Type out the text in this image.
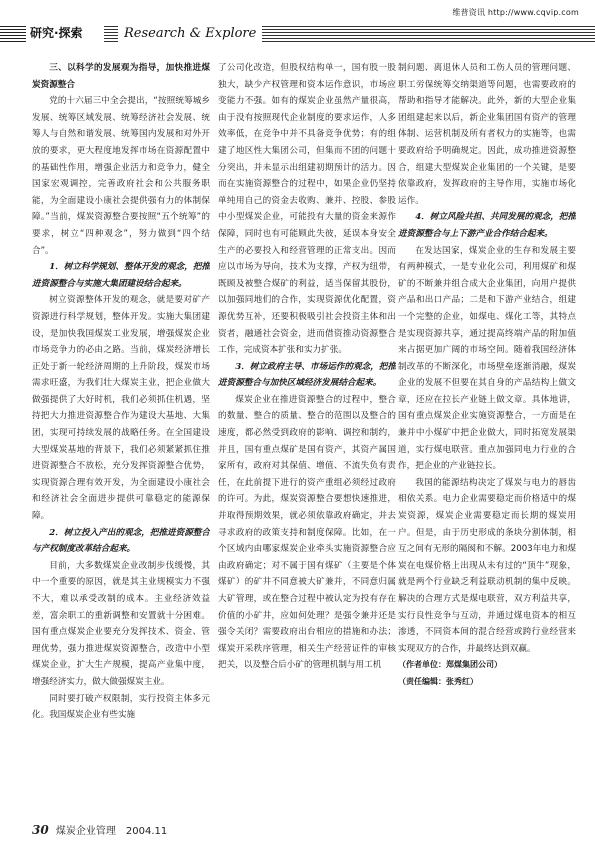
维普资讯 http://www.cqvip.com
研究·探索	Research & Explore

三、以科学的发展观为指导，加快推进煤炭资源整合

党的十六届三中全会提出，“按照统筹城乡发展、统筹区域发展、统筹经济社会发展、统筹人与自然和谐发展、统筹国内发展和对外开放的要求，更大程度地发挥市场在资源配置中的基础性作用，增强企业活力和竞争力，健全国家宏观调控，完善政府社会和公共服务职能，为全面建设小康社会提供强有力的体制保障。”当前，煤炭资源整合要按照“五个统筹”的要求，树立“四种观念”，努力做到“四个结合”。

1．树立科学规划、整体开发的观念，把推进资源整合与实施大集团建设结合起来。

树立资源整体开发的观念，就是要对矿产资源进行科学规划，整体开发。实施大集团建设，是加快我国煤炭工业发展，增强煤炭企业市场竞争力的必由之路。当前，煤炭经济增长正处于新一轮经济周期的上升阶段，煤炭市场需求旺盛，为我们壮大煤炭主业，把企业做大做强提供了大好时机，我们必须抓住机遇，坚持把大力推进资源整合作为建设大基地、大集团，实现可持续发展的战略任务。在全国建设大型煤炭基地的背景下，我们必须紧紧抓住推进资源整合不放松，充分发挥资源整合优势，实现资源合理有效开发，为全面建设小康社会和经济社会全面进步提供可靠稳定的能源保障。

2．树立投入产出的观念，把推进资源整合与产权制度改革结合起来。

目前，大多数煤炭企业改制步伐缓慢，其中一个重要的原因，就是其主业规模实力不强不大，难以承受改制的成本。主业经济效益差，富余职工的重新调整和安置就十分困难。国有重点煤炭企业要充分发挥技术、资金、管理优势，强力推进煤炭资源整合，改造中小型煤炭企业，扩大生产规模，提高产业集中度，增强经济实力，做大做强煤炭主业。

同时要打破产权限制，实行投资主体多元化。我国煤炭企业有些实施

了公司化改造，但股权结构单一，国有股一股独大，缺少产权管理和资本运作意识，市场应变能力不强。如有的煤炭企业虽然产量很高，由于没有按照现代企业制度的要求运作，人多效率低，在竞争中并不具备竞争优势；有的组建了地区性大集团公司，但集而不团的问题十分突出，并未显示出组建初期预计的活力。因而在实施资源整合的过程中，如果企业仍坚持单纯用自己的资金去收购、兼并、控股、参股中小型煤炭企业，可能投有大量的资金来源作保障，同时也有可能顾此失彼，延误本身安全生产的必要投入和经营管理的正常支出。因而应以市场为导向，技术为支撑，产权为纽带，既顾及被整合煤矿的利益，适当保留其股份，以加强同地们的合作，实现资源优化配置，资源优势互补，还要积极吸引社会投资主体和出资者，融通社会资金，进而借资推动资源整合工作，完成资本扩张和实力扩张。

3．树立政府主导、市场运作的观念，把推进资源整合与加快区域经济发展结合起来。

煤炭企业在推进资源整合的过程中，整合的数量、整合的质量、整合的范围以及整合的速度，都必然受到政府的影响、调控和制约，并且，国有重点煤矿是国有资产，其资产属国家所有，政府对其保值、增值、不流失负有责任，在此前提下进行的资产重组必须经过政府的许可。为此，煤炭资源整合要想快速推进，并取得预期效果，就必须依靠政府确定，并去寻求政府的政策支持和制度保障。比如，在一个区域内由哪家煤炭企业牵头实施资源整合应由政府确定；对不属于国有煤矿（主要是个体煤矿）的矿井不同意被大矿兼并，不同意归属大矿管理，或在整合过程中被认定为投有存在价值的小矿井，应如何处理？是强令兼并还是强令关闭？需要政府出台相应的措施和办法；煤炭开采秩序管理，相关生产经营证件的审核把关，以及整合后小矿的管理机制与用工机

制问题、离退休人员和工伤人员的管理问题、职工労保统筹交纳渠道等问题，也需要政府的帮助和指导才能解决。此外，新的大型企业集团组建起来以后，新企业集团国有资产的管理体制、运营机制及所有者权力的实施等，也需要政府给予明确规定。因此，成功推进资源整合，组建大型煤炭企业集团的一个关键，是要依靠政府，发挥政府的主导作用，实施市场化运作。

4．树立风险共担、共同发展的观念，把推进资源整合与上下游产业合作结合起来。

在发达国家，煤炭企业的生存和发展主要有两种模式，一是专业化公司，利用煤矿和煤矿的不断兼并组合成大企业集团，向用户提供产品和出口产品；二是和下游产业结合，组建一个完整的企业，如煤电、煤化工等，其特点是实现资源共享，通过提高终端产品的附加值来占据更加广阔的市场空间。随着我国经济体制改革的不断深化，市场壁垒逐渐消融，煤炭企业的发展不但要在其自身的产品结构上做文章，还应在拉长产业链上做文章。具体地讲，国有重点煤炭企业实施资源整合，一方面是在兼并中小煤矿中把企业做大，同时拓宽发展渠道，实行煤电联营。重点加强同电力行业的合作，把企业的产业链拉长。

我国的能源结构决定了煤炭与电力的唇齿相依关系。电力企业需要稳定而价格适中的煤炭资源，煤炭企业需要稳定而长期的煤炭用户。但是，由于历史形成的条块分割体制，相互之间有无形的隔阂和不解。2003年电力和煤炭在电煤价格上出现从未有过的“顶牛”现象，就是两个行业缺乏利益联动机制的集中反映。解决的合理方式是煤电联营，双方利益共享，实行良性竞争与互动，并通过煤电资本的相互渗透，不同资本间的混合经营或跨行业经营来实现双方的合作，并最终达到双赢。

（作者单位：郑煤集团公司）

（责任编辑：张秀红）

30 煤炭企业管理　2004.11
